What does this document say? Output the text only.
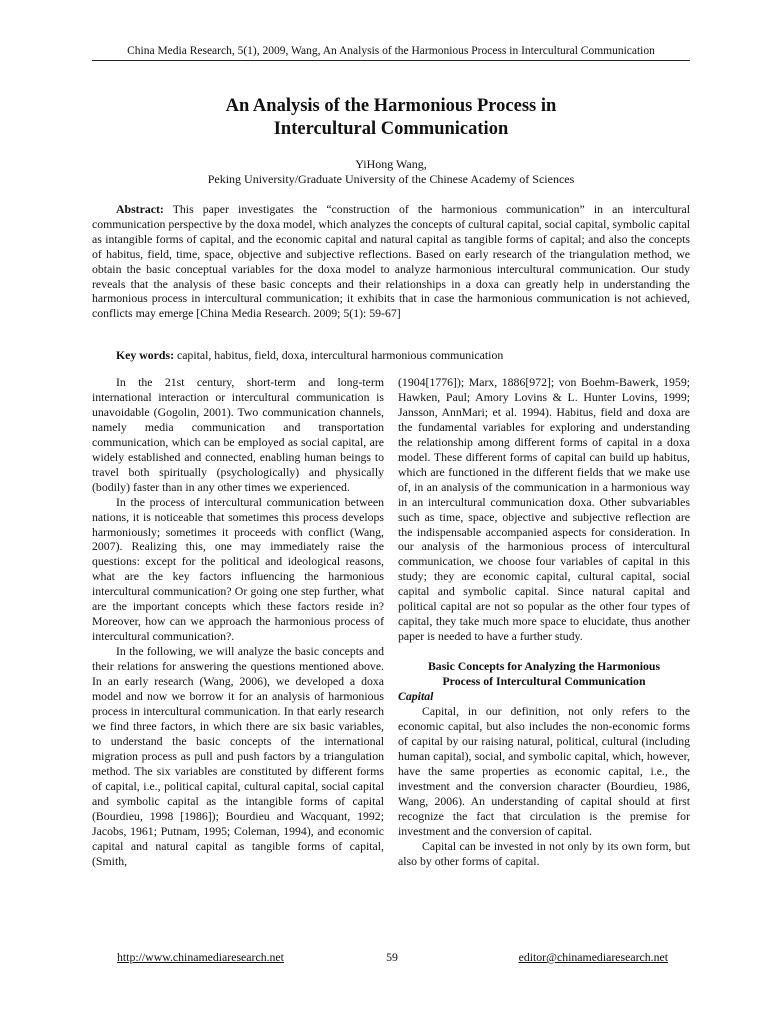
China Media Research, 5(1), 2009, Wang, An Analysis of the Harmonious Process in Intercultural Communication
An Analysis of the Harmonious Process in
Intercultural Communication
YiHong Wang,
Peking University/Graduate University of the Chinese Academy of Sciences

Abstract: This paper investigates the “construction of the harmonious communication” in an intercultural communication perspective by the doxa model, which analyzes the concepts of cultural capital, social capital, symbolic capital as intangible forms of capital, and the economic capital and natural capital as tangible forms of capital; and also the concepts of habitus, field, time, space, objective and subjective reflections. Based on early research of the triangulation method, we obtain the basic conceptual variables for the doxa model to analyze harmonious intercultural communication. Our study reveals that the analysis of these basic concepts and their relationships in a doxa can greatly help in understanding the harmonious process in intercultural communication; it exhibits that in case the harmonious communication is not achieved, conflicts may emerge [China Media Research. 2009; 5(1): 59-67]

Key words: capital, habitus, field, doxa, intercultural harmonious communication

In the 21st century, short-term and long-term international interaction or intercultural communication is unavoidable (Gogolin, 2001). Two communication channels, namely media communication and transportation communication, which can be employed as social capital, are widely established and connected, enabling human beings to travel both spiritually (psychologically) and physically (bodily) faster than in any other times we experienced.

In the process of intercultural communication between nations, it is noticeable that sometimes this process develops harmoniously; sometimes it proceeds with conflict (Wang, 2007). Realizing this, one may immediately raise the questions: except for the political and ideological reasons, what are the key factors influencing the harmonious intercultural communication? Or going one step further, what are the important concepts which these factors reside in? Moreover, how can we approach the harmonious process of intercultural communication?.

In the following, we will analyze the basic concepts and their relations for answering the questions mentioned above. In an early research (Wang, 2006), we developed a doxa model and now we borrow it for an analysis of harmonious process in intercultural communication. In that early research we find three factors, in which there are six basic variables, to understand the basic concepts of the international migration process as pull and push factors by a triangulation method. The six variables are constituted by different forms of capital, i.e., political capital, cultural capital, social capital and symbolic capital as the intangible forms of capital (Bourdieu, 1998 [1986]); Bourdieu and Wacquant, 1992; Jacobs, 1961; Putnam, 1995; Coleman, 1994), and economic capital and natural capital as tangible forms of capital, (Smith,

(1904[1776]); Marx, 1886[972]; von Boehm-Bawerk, 1959; Hawken, Paul; Amory Lovins & L. Hunter Lovins, 1999; Jansson, AnnMari; et al. 1994). Habitus, field and doxa are the fundamental variables for exploring and understanding the relationship among different forms of capital in a doxa model. These different forms of capital can build up habitus, which are functioned in the different fields that we make use of, in an analysis of the communication in a harmonious way in an intercultural communication doxa. Other subvariables such as time, space, objective and subjective reflection are the indispensable accompanied aspects for consideration. In our analysis of the harmonious process of intercultural communication, we choose four variables of capital in this study; they are economic capital, cultural capital, social capital and symbolic capital. Since natural capital and political capital are not so popular as the other four types of capital, they take much more space to elucidate, thus another paper is needed to have a further study.

Basic Concepts for Analyzing the Harmonious
Process of Intercultural Communication

Capital

Capital, in our definition, not only refers to the economic capital, but also includes the non-economic forms of capital by our raising natural, political, cultural (including human capital), social, and symbolic capital, which, however, have the same properties as economic capital, i.e., the investment and the conversion character (Bourdieu, 1986, Wang, 2006). An understanding of capital should at first recognize the fact that circulation is the premise for investment and the conversion of capital.

Capital can be invested in not only by its own form, but also by other forms of capital.

http://www.chinamediaresearch.net	59	editor@chinamediaresearch.net
